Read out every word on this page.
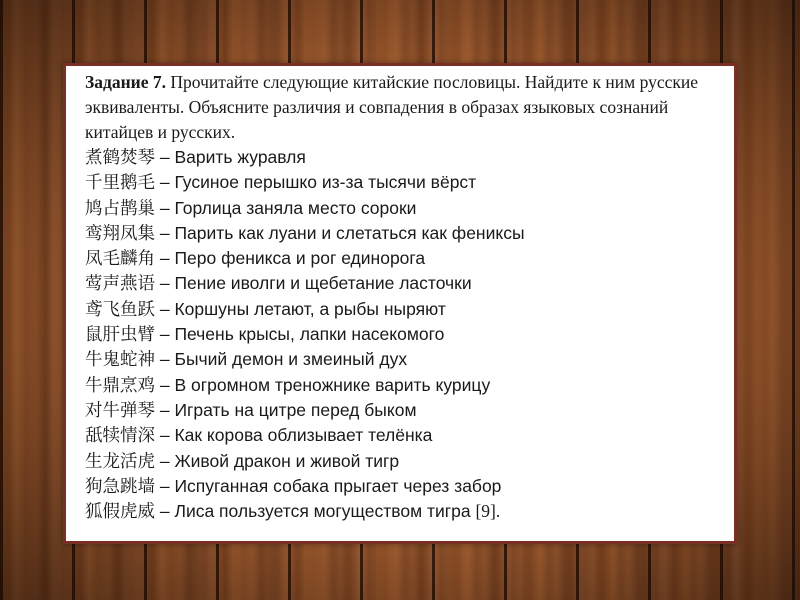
Задание 7. Прочитайте следующие китайские пословицы. Найдите к ним русские эквиваленты. Объясните различия и совпадения в образах языковых сознаний китайцев и русских.

煮鹤焚琴 – Варить журавля
千里鹅毛 – Гусиное перышко из-за тысячи вёрст
鸠占鹊巢 – Горлица заняла место сороки
鸾翔凤集 – Парить как луани и слетаться как фениксы
凤毛麟角 – Перо феникса и рог единорога
莺声燕语 – Пение иволги и щебетание ласточки
鸢飞鱼跃 – Коршуны летают, а рыбы ныряют
鼠肝虫臂 – Печень крысы, лапки насекомого
牛鬼蛇神 – Бычий демон и змеиный дух
牛鼎烹鸡 – В огромном треножнике варить курицу
对牛弹琴 – Играть на цитре перед быком
舐犊情深 – Как корова облизывает телёнка
生龙活虎 – Живой дракон и живой тигр
狗急跳墙 – Испуганная собака прыгает через забор
狐假虎威 – Лиса пользуется могуществом тигра [9].
